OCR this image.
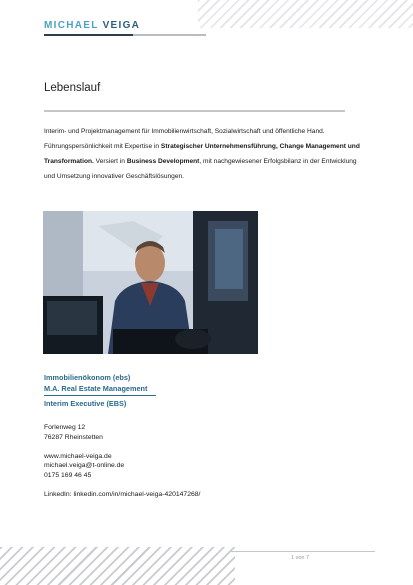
MICHAEL VEIGA
Lebenslauf
Interim- und Projektmanagement für Immobilienwirtschaft, Sozialwirtschaft und öffentliche Hand. Führungspersönlichkeit mit Expertise in Strategischer Unternehmensführung, Change Management und Transformation. Versiert in Business Development, mit nachgewiesener Erfolgsbilanz in der Entwicklung und Umsetzung innovativer Geschäftslösungen.
Immobilienökonom (ebs)
M.A. Real Estate Management
Interim Executive (EBS)
Forlenweg 12
76287 Rheinstetten
www.michael-veiga.de
michael.veiga@t-online.de
0175 169 46 45
LinkedIn: linkedin.com/in/michael-veiga-420147268/
1 von 7
